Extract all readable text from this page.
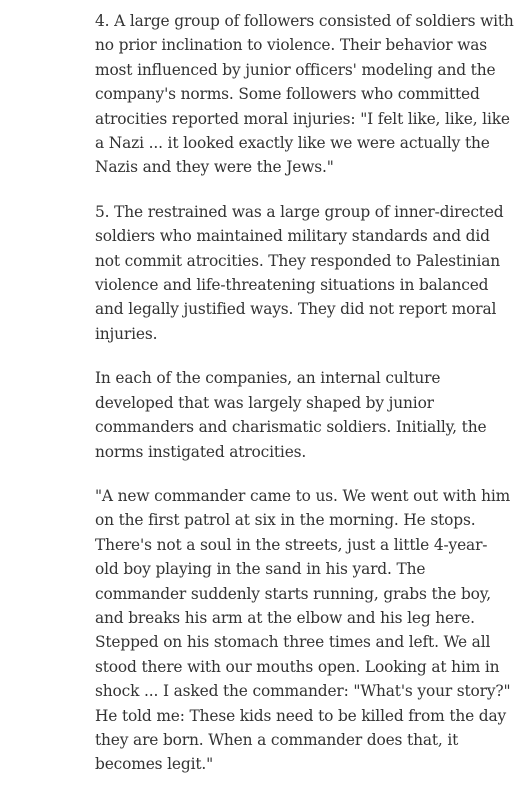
4. A large group of followers consisted of soldiers with
no prior inclination to violence. Their behavior was
most influenced by junior officers' modeling and the
company's norms. Some followers who committed
atrocities reported moral injuries: "I felt like, like, like
a Nazi ... it looked exactly like we were actually the
Nazis and they were the Jews."

5. The restrained was a large group of inner-directed
soldiers who maintained military standards and did
not commit atrocities. They responded to Palestinian
violence and life-threatening situations in balanced
and legally justified ways. They did not report moral
injuries.

In each of the companies, an internal culture
developed that was largely shaped by junior
commanders and charismatic soldiers. Initially, the
norms instigated atrocities.

"A new commander came to us. We went out with him
on the first patrol at six in the morning. He stops.
There's not a soul in the streets, just a little 4-year-
old boy playing in the sand in his yard. The
commander suddenly starts running, grabs the boy,
and breaks his arm at the elbow and his leg here.
Stepped on his stomach three times and left. We all
stood there with our mouths open. Looking at him in
shock ... I asked the commander: "What's your story?"
He told me: These kids need to be killed from the day
they are born. When a commander does that, it
becomes legit."
